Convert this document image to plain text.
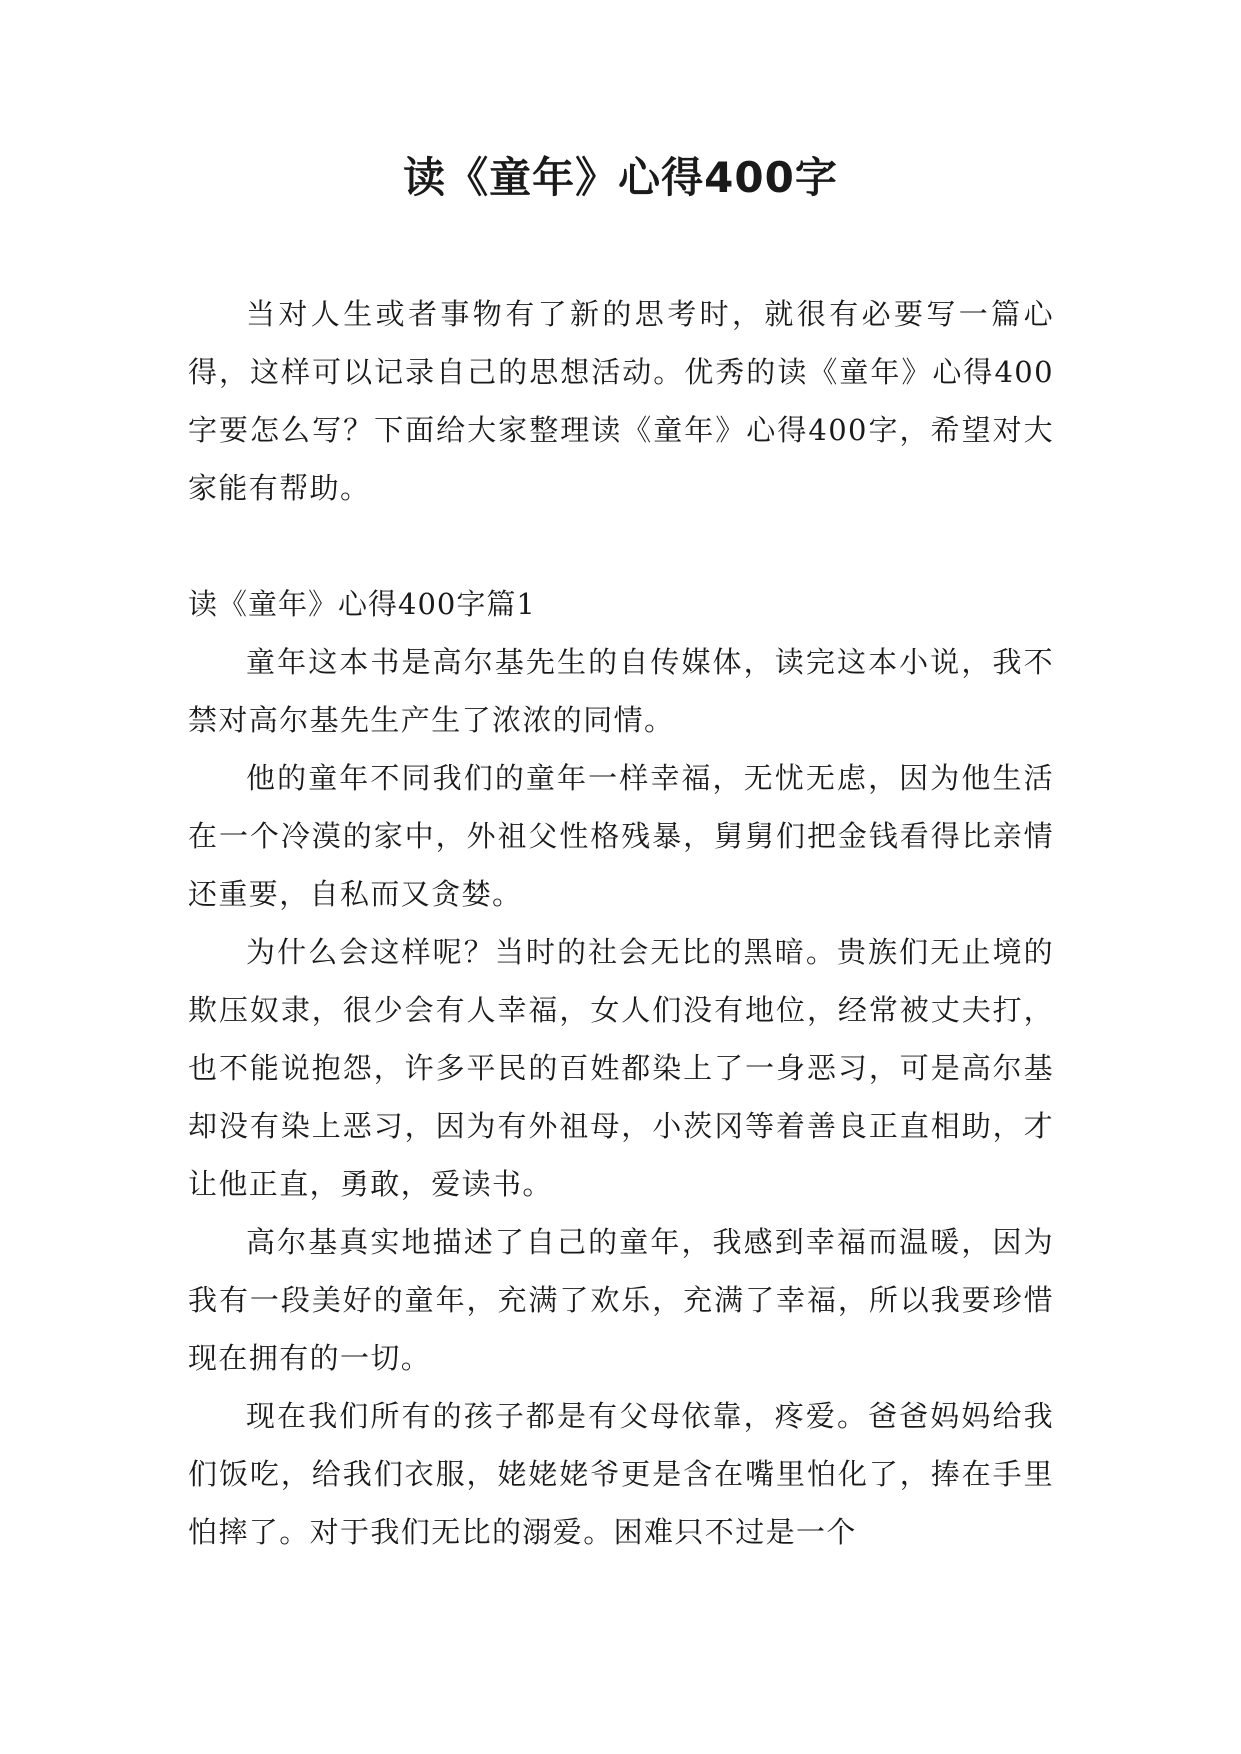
读《童年》心得400字

当对人生或者事物有了新的思考时，就很有必要写一篇心得，这样可以记录自己的思想活动。优秀的读《童年》心得400字要怎么写？下面给大家整理读《童年》心得400字，希望对大家能有帮助。

读《童年》心得400字篇1

童年这本书是高尔基先生的自传媒体，读完这本小说，我不禁对高尔基先生产生了浓浓的同情。

他的童年不同我们的童年一样幸福，无忧无虑，因为他生活在一个冷漠的家中，外祖父性格残暴，舅舅们把金钱看得比亲情还重要，自私而又贪婪。

为什么会这样呢？当时的社会无比的黑暗。贵族们无止境的欺压奴隶，很少会有人幸福，女人们没有地位，经常被丈夫打，也不能说抱怨，许多平民的百姓都染上了一身恶习，可是高尔基却没有染上恶习，因为有外祖母，小茨冈等着善良正直相助，才让他正直，勇敢，爱读书。

高尔基真实地描述了自己的童年，我感到幸福而温暖，因为我有一段美好的童年，充满了欢乐，充满了幸福，所以我要珍惜现在拥有的一切。

现在我们所有的孩子都是有父母依靠，疼爱。爸爸妈妈给我们饭吃，给我们衣服，姥姥姥爷更是含在嘴里怕化了，捧在手里怕摔了。对于我们无比的溺爱。困难只不过是一个
